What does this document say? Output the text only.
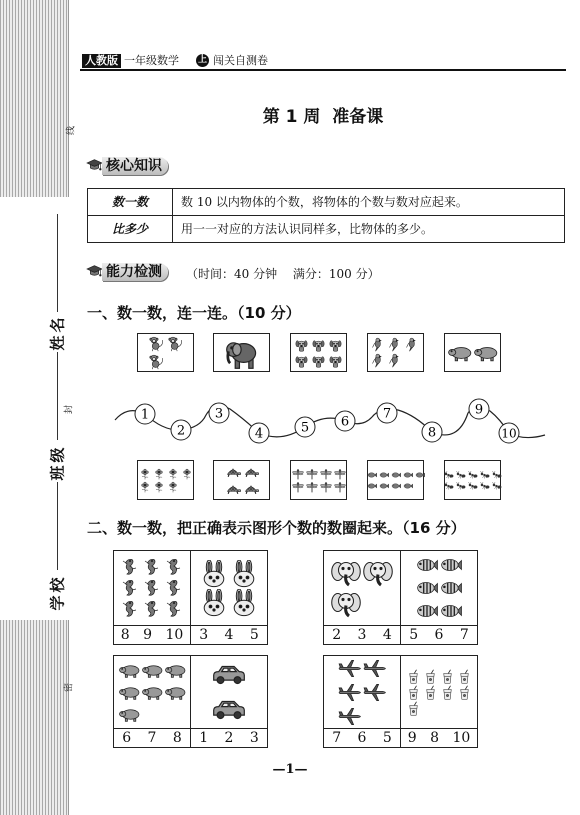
线
封
密
姓名
班级
学校
人教版 一年级数学 上 闯关自测卷
第 1 周  准备课
核心知识
数一数	数 10 以内物体的个数，将物体的个数与数对应起来。
比多少	用一一对应的方法认识同样多，比物体的多少。
能力检测	（时间：40 分钟　 满分：100 分）
一、数一数，连一连。（10 分）
1
2
3
4	5 6
7
8
9
10
二、数一数，把正确表示图形个数的数圈起来。（16 分）
8 9 10 3 4 5	2 3 4 5 6 7
6 7 8 1 2 3	7 6 5 9 8 10
—1—
